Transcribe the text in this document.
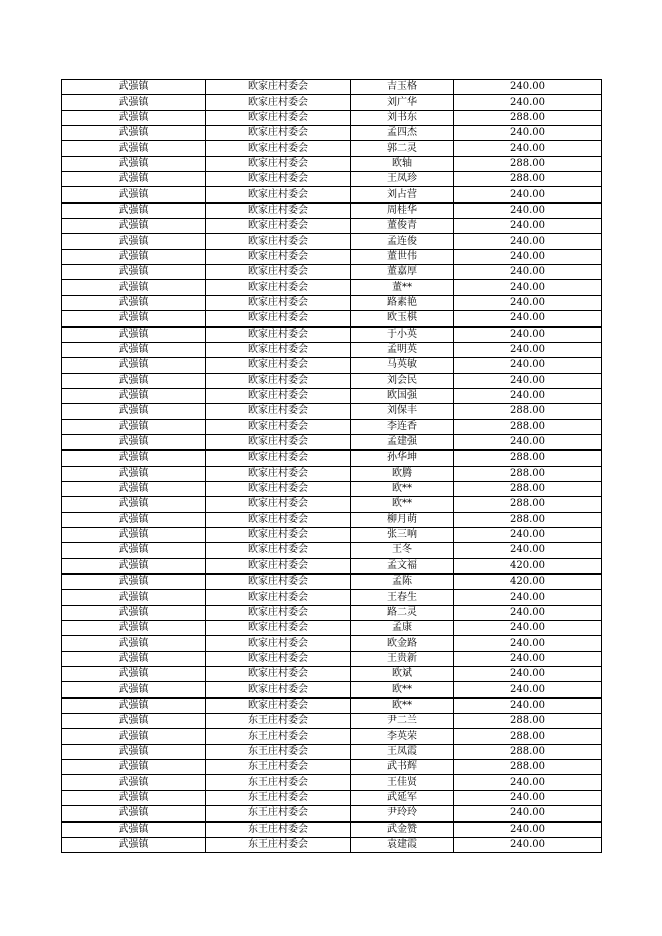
武强镇	欧家庄村委会	吉玉格	240.00
武强镇	欧家庄村委会	刘广华	240.00
武强镇	欧家庄村委会	刘书东	288.00
武强镇	欧家庄村委会	孟四杰	240.00
武强镇	欧家庄村委会	郭二灵	240.00
武强镇	欧家庄村委会	欧轴	288.00
武强镇	欧家庄村委会	王凤珍	288.00
武强镇	欧家庄村委会	刘占营	240.00
武强镇	欧家庄村委会	周桂华	240.00
武强镇	欧家庄村委会	董俊青	240.00
武强镇	欧家庄村委会	孟连俊	240.00
武强镇	欧家庄村委会	董世伟	240.00
武强镇	欧家庄村委会	董嘉厚	240.00
武强镇	欧家庄村委会	董**	240.00
武强镇	欧家庄村委会	路素艳	240.00
武强镇	欧家庄村委会	欧玉棋	240.00
武强镇	欧家庄村委会	于小英	240.00
武强镇	欧家庄村委会	孟明英	240.00
武强镇	欧家庄村委会	马英敏	240.00
武强镇	欧家庄村委会	刘会民	240.00
武强镇	欧家庄村委会	欧国强	240.00
武强镇	欧家庄村委会	刘保丰	288.00
武强镇	欧家庄村委会	李连香	288.00
武强镇	欧家庄村委会	孟建强	240.00
武强镇	欧家庄村委会	孙华坤	288.00
武强镇	欧家庄村委会	欧腾	288.00
武强镇	欧家庄村委会	欧**	288.00
武强镇	欧家庄村委会	欧**	288.00
武强镇	欧家庄村委会	柳月萌	288.00
武强镇	欧家庄村委会	张三响	240.00
武强镇	欧家庄村委会	王冬	240.00
武强镇	欧家庄村委会	孟文福	420.00
武强镇	欧家庄村委会	孟陈	420.00
武强镇	欧家庄村委会	王春生	240.00
武强镇	欧家庄村委会	路二灵	240.00
武强镇	欧家庄村委会	孟康	240.00
武强镇	欧家庄村委会	欧金路	240.00
武强镇	欧家庄村委会	王贵新	240.00
武强镇	欧家庄村委会	欧斌	240.00
武强镇	欧家庄村委会	欧**	240.00
武强镇	欧家庄村委会	欧**	240.00
武强镇	东王庄村委会	尹二兰	288.00
武强镇	东王庄村委会	李英荣	288.00
武强镇	东王庄村委会	王凤霞	288.00
武强镇	东王庄村委会	武书辉	288.00
武强镇	东王庄村委会	王佳贤	240.00
武强镇	东王庄村委会	武延军	240.00
武强镇	东王庄村委会	尹玲玲	240.00
武强镇	东王庄村委会	武金赞	240.00
武强镇	东王庄村委会	袁建霞	240.00
